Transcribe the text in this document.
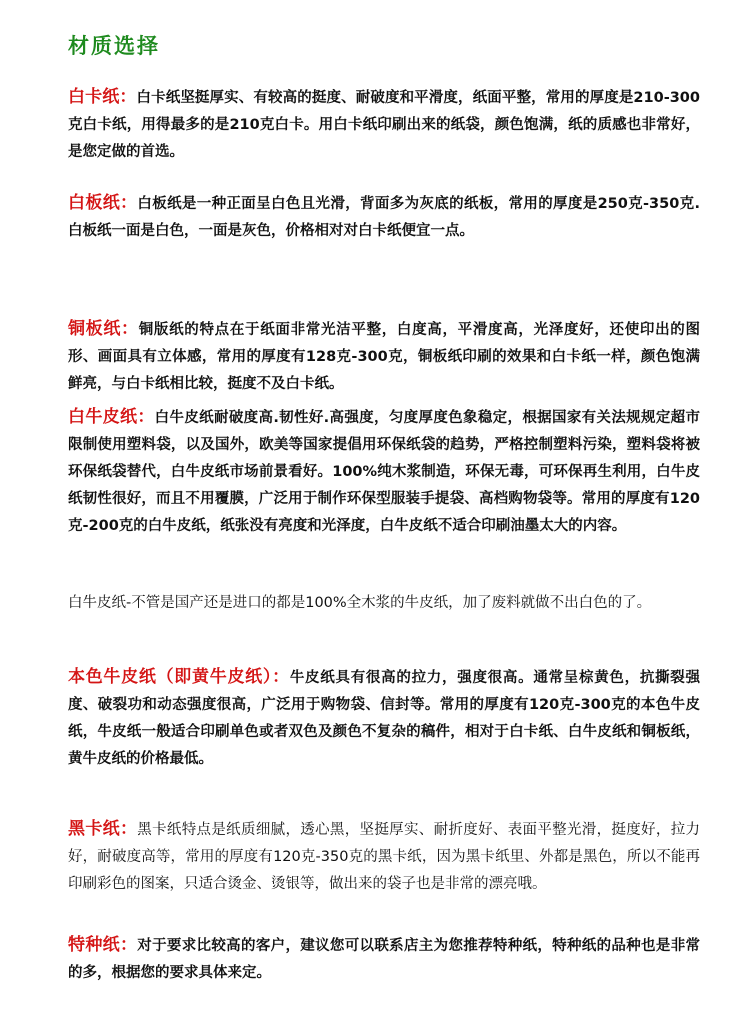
材质选择
白卡纸：白卡纸坚挺厚实、有较高的挺度、耐破度和平滑度，纸面平整，常用的厚度是210-300克白卡纸，用得最多的是210克白卡。用白卡纸印刷出来的纸袋，颜色饱满，纸的质感也非常好，是您定做的首选。
白板纸：白板纸是一种正面呈白色且光滑，背面多为灰底的纸板，常用的厚度是250克-350克.白板纸一面是白色，一面是灰色，价格相对对白卡纸便宜一点。
铜板纸：铜版纸的特点在于纸面非常光洁平整，白度高，平滑度高，光泽度好，还使印出的图形、画面具有立体感，常用的厚度有128克-300克，铜板纸印刷的效果和白卡纸一样，颜色饱满鲜亮，与白卡纸相比较，挺度不及白卡纸。
白牛皮纸：白牛皮纸耐破度高.韧性好.高强度，匀度厚度色象稳定，根据国家有关法规规定超市限制使用塑料袋，以及国外，欧美等国家提倡用环保纸袋的趋势，严格控制塑料污染，塑料袋将被环保纸袋替代，白牛皮纸市场前景看好。100%纯木浆制造，环保无毒，可环保再生利用，白牛皮纸韧性很好，而且不用覆膜，广泛用于制作环保型服装手提袋、高档购物袋等。常用的厚度有120克-200克的白牛皮纸，纸张没有亮度和光泽度，白牛皮纸不适合印刷油墨太大的内容。
白牛皮纸-不管是国产还是进口的都是100%全木浆的牛皮纸，加了废料就做不出白色的了。
本色牛皮纸（即黄牛皮纸）：牛皮纸具有很高的拉力，强度很高。通常呈棕黄色，抗撕裂强度、破裂功和动态强度很高，广泛用于购物袋、信封等。常用的厚度有120克-300克的本色牛皮纸，牛皮纸一般适合印刷单色或者双色及颜色不复杂的稿件，相对于白卡纸、白牛皮纸和铜板纸，黄牛皮纸的价格最低。
黑卡纸：黑卡纸特点是纸质细腻，透心黑，坚挺厚实、耐折度好、表面平整光滑，挺度好，拉力好，耐破度高等，常用的厚度有120克-350克的黑卡纸，因为黑卡纸里、外都是黑色，所以不能再印刷彩色的图案，只适合烫金、烫银等，做出来的袋子也是非常的漂亮哦。
特种纸：对于要求比较高的客户，建议您可以联系店主为您推荐特种纸，特种纸的品种也是非常的多，根据您的要求具体来定。
